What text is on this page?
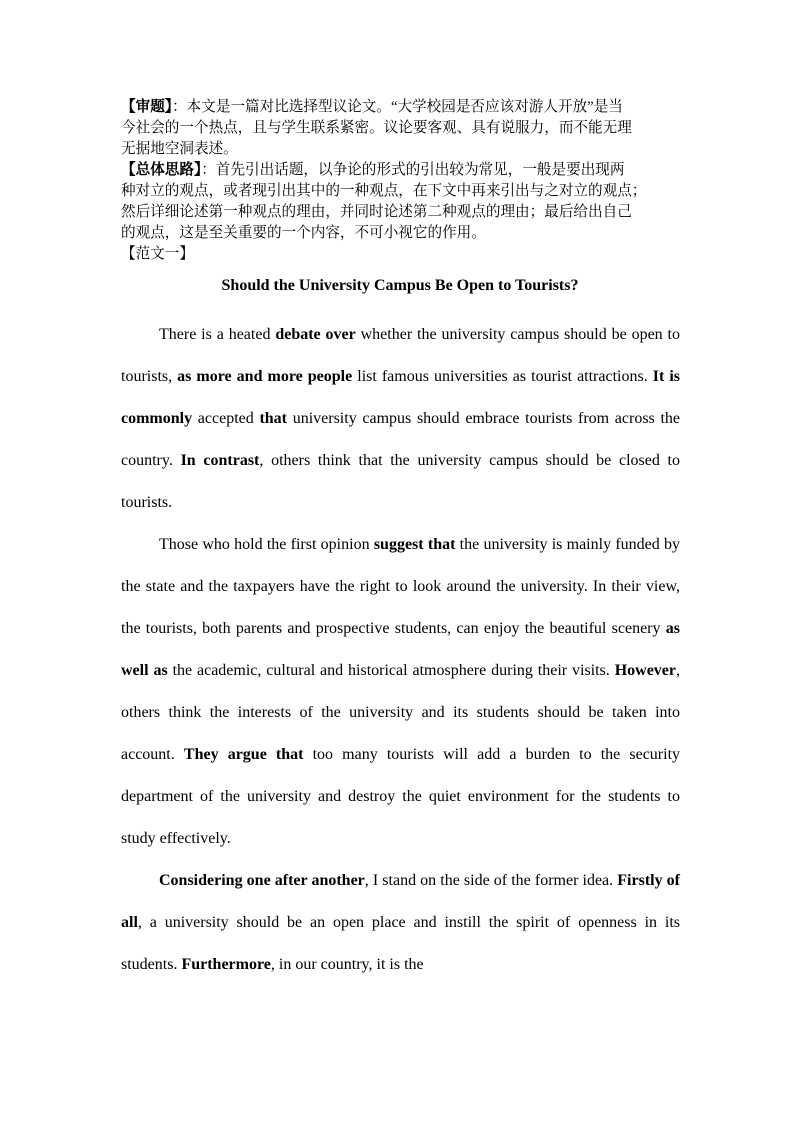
【审题】：本文是一篇对比选择型议论文。“大学校园是否应该对游人开放”是当

今社会的一个热点，且与学生联系紧密。议论要客观、具有说服力，而不能无理

无据地空洞表述。

【总体思路】：首先引出话题，以争论的形式的引出较为常见，一般是要出现两

种对立的观点，或者现引出其中的一种观点，在下文中再来引出与之对立的观点；

然后详细论述第一种观点的理由，并同时论述第二种观点的理由；最后给出自己

的观点，这是至关重要的一个内容，不可小视它的作用。

【范文一】

Should the University Campus Be Open to Tourists?

There is a heated debate over whether the university campus should be open to tourists, as more and more people list famous universities as tourist attractions. It is commonly accepted that university campus should embrace tourists from across the country. In contrast, others think that the university campus should be closed to tourists.

Those who hold the first opinion suggest that the university is mainly funded by the state and the taxpayers have the right to look around the university. In their view, the tourists, both parents and prospective students, can enjoy the beautiful scenery as well as the academic, cultural and historical atmosphere during their visits. However, others think the interests of the university and its students should be taken into account. They argue that too many tourists will add a burden to the security department of the university and destroy the quiet environment for the students to study effectively.

Considering one after another, I stand on the side of the former idea. Firstly of all, a university should be an open place and instill the spirit of openness in its students. Furthermore, in our country, it is the
